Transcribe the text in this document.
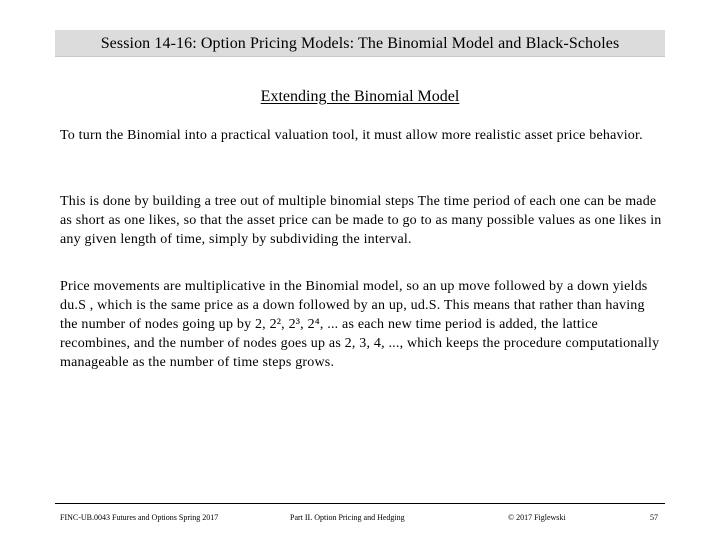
Session 14-16: Option Pricing Models: The Binomial Model and Black-Scholes
Extending the Binomial Model

To turn the Binomial into a practical valuation tool, it must allow more realistic asset price behavior.

This is done by building a tree out of multiple binomial steps The time period of each one can be made as short as one likes, so that the asset price can be made to go to as many possible values as one likes in any given length of time, simply by subdividing the interval.

Price movements are multiplicative in the Binomial model, so an up move followed by a down yields du.S , which is the same price as a down followed by an up, ud.S. This means that rather than having the number of nodes going up by 2, 2², 2³, 2⁴, ... as each new time period is added, the lattice recombines, and the number of nodes goes up as 2, 3, 4, ..., which keeps the procedure computationally manageable as the number of time steps grows.

FINC-UB.0043 Futures and Options Spring 2017	Part II. Option Pricing and Hedging	© 2017 Figlewski	57
